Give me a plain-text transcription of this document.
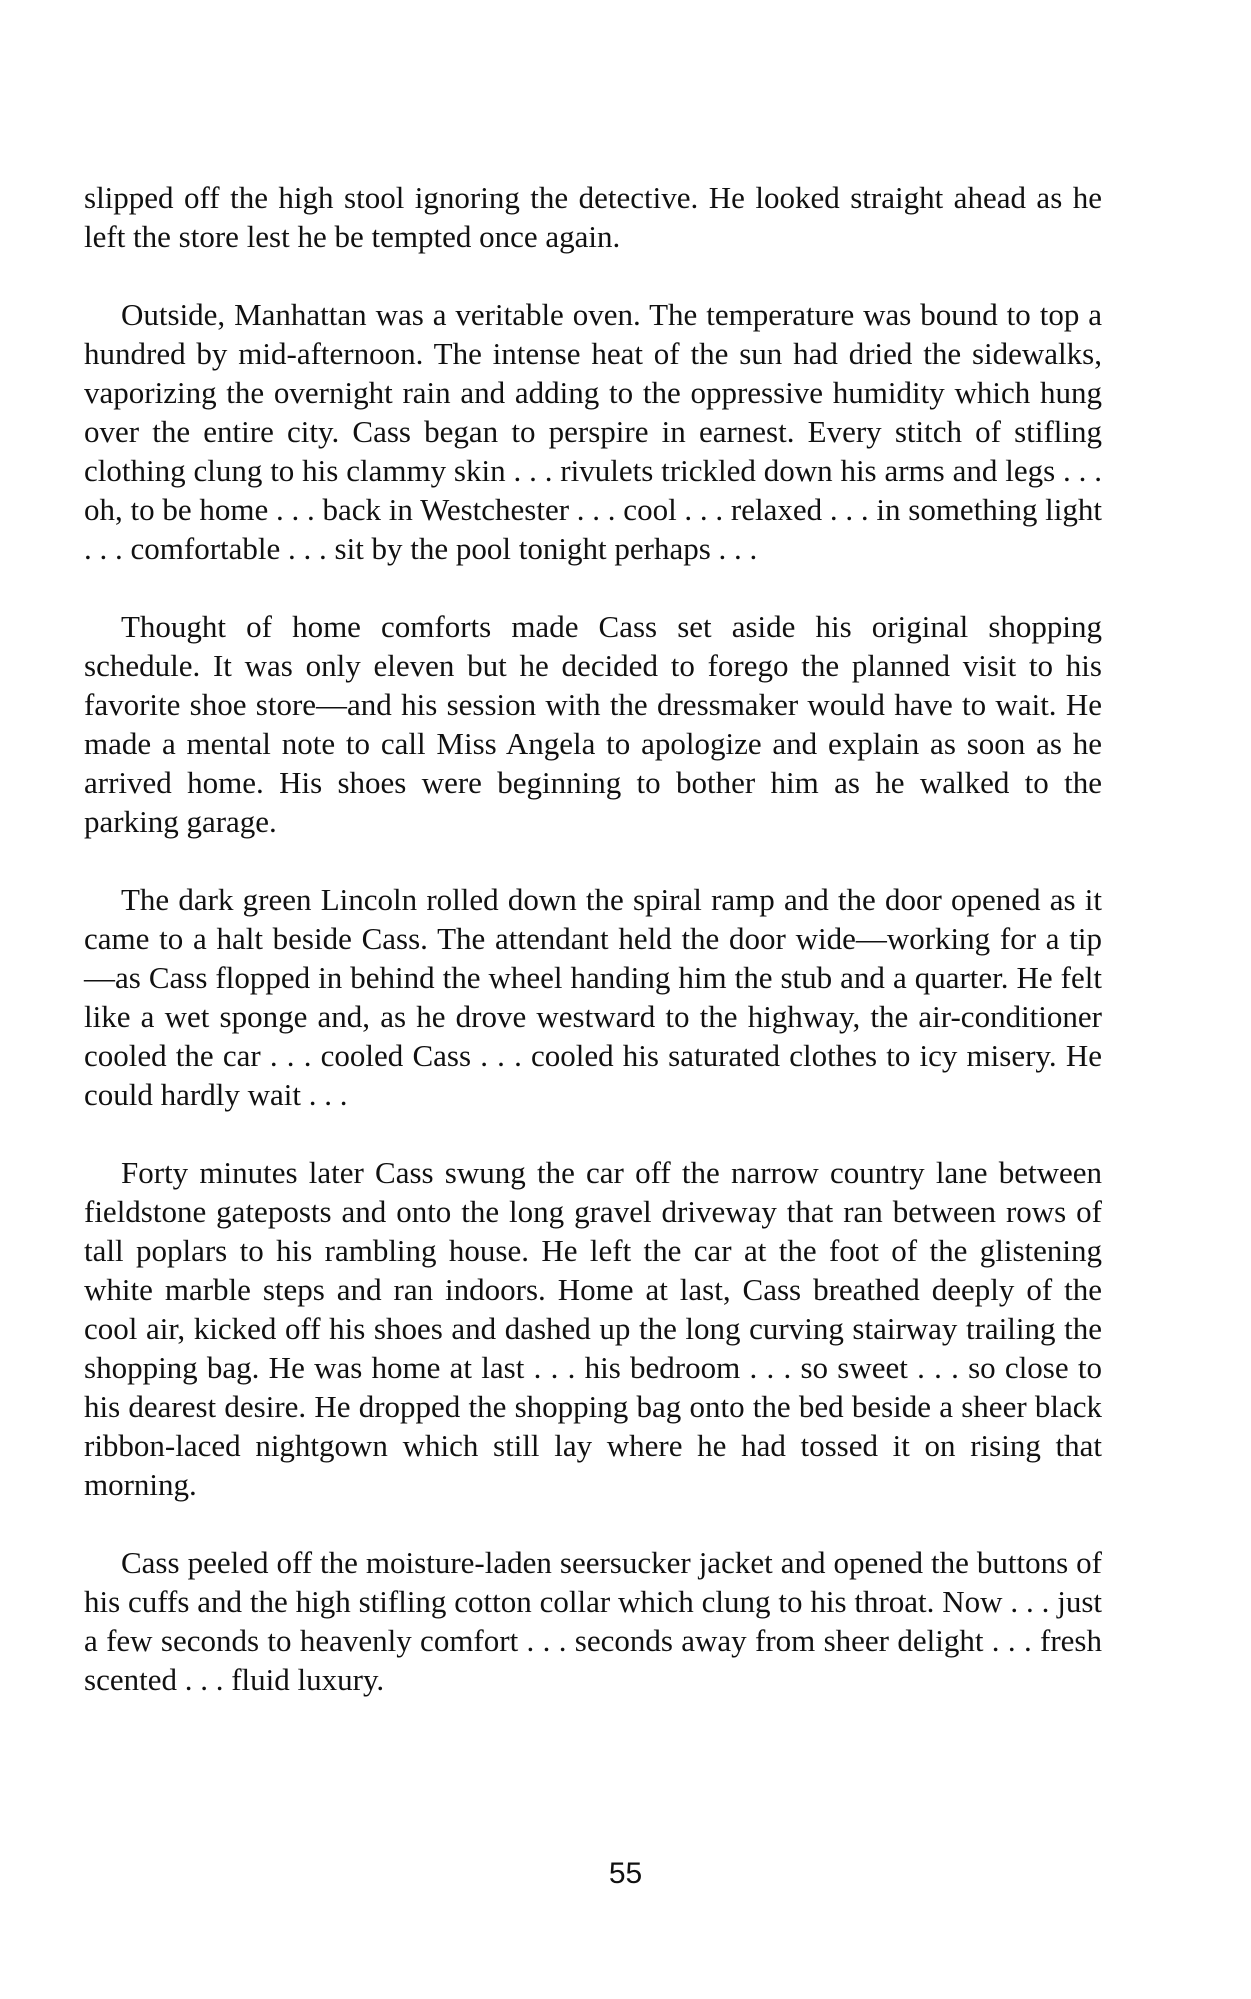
slipped off the high stool ignoring the detective. He looked straight ahead as he left the store lest he be tempted once again.

Outside, Manhattan was a veritable oven. The temperature was bound to top a hundred by mid-afternoon. The intense heat of the sun had dried the sidewalks, vaporizing the overnight rain and adding to the oppressive humidity which hung over the entire city. Cass began to perspire in earnest. Every stitch of stifling clothing clung to his clammy skin . . . rivulets trickled down his arms and legs . . . oh, to be home . . . back in Westchester . . . cool . . . relaxed . . . in something light . . . comfortable . . . sit by the pool tonight perhaps . . .

Thought of home comforts made Cass set aside his original shopping schedule. It was only eleven but he decided to forego the planned visit to his favorite shoe store—and his session with the dressmaker would have to wait. He made a mental note to call Miss Angela to apologize and explain as soon as he arrived home. His shoes were beginning to bother him as he walked to the parking garage.

The dark green Lincoln rolled down the spiral ramp and the door opened as it came to a halt beside Cass. The attendant held the door wide—working for a tip—as Cass flopped in behind the wheel handing him the stub and a quarter. He felt like a wet sponge and, as he drove westward to the highway, the air-conditioner cooled the car . . . cooled Cass . . . cooled his saturated clothes to icy misery. He could hardly wait . . .

Forty minutes later Cass swung the car off the narrow country lane between fieldstone gateposts and onto the long gravel driveway that ran between rows of tall poplars to his rambling house. He left the car at the foot of the glistening white marble steps and ran indoors. Home at last, Cass breathed deeply of the cool air, kicked off his shoes and dashed up the long curving stairway trailing the shopping bag. He was home at last . . . his bedroom . . . so sweet . . . so close to his dearest desire. He dropped the shopping bag onto the bed beside a sheer black ribbon-laced nightgown which still lay where he had tossed it on rising that morning.

Cass peeled off the moisture-laden seersucker jacket and opened the buttons of his cuffs and the high stifling cotton collar which clung to his throat. Now . . . just a few seconds to heavenly comfort . . . seconds away from sheer delight . . . fresh scented . . . fluid luxury.

55
